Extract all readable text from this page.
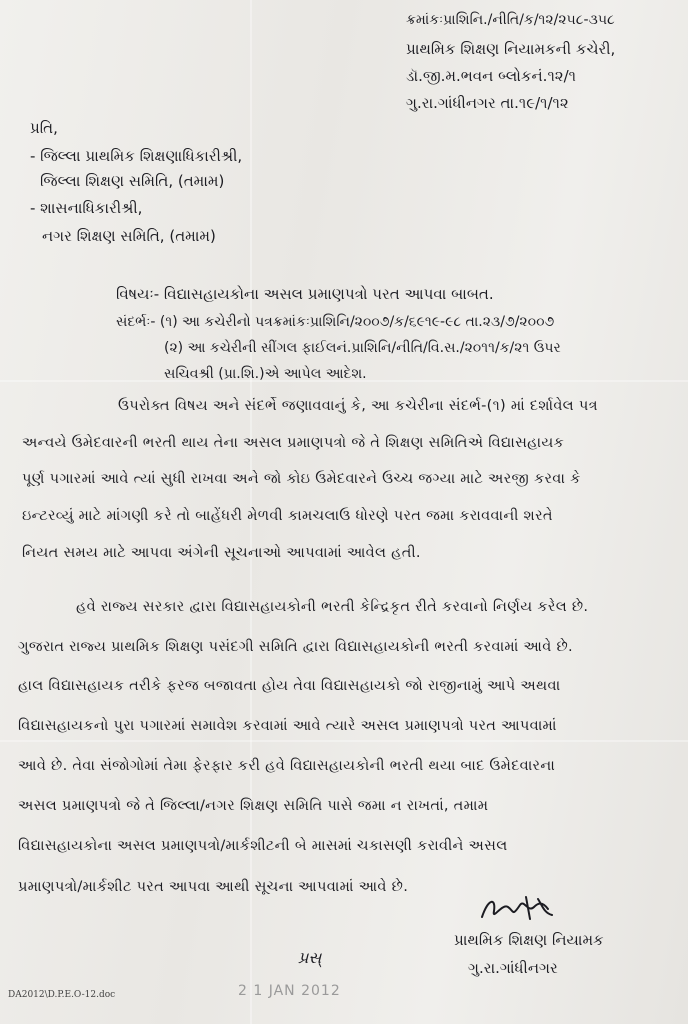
ક્રમાંકઃપ્રાશિનિ./નીતિ/ક/૧૨/૨૫૮-૩૫૮
પ્રાથમિક શિક્ષણ નિયામકની કચેરી,
ડૉ.જી.મ.ભવન બ્લોકનં.૧૨/૧
ગુ.રા.ગાંધીનગર તા.૧૯/૧/૧૨
પ્રતિ,
- જિલ્લા પ્રાથમિક શિક્ષણાધિકારીશ્રી,
જિલ્લા શિક્ષણ સમિતિ, (તમામ)
- શાસનાધિકારીશ્રી,
નગર શિક્ષણ સમિતિ, (તમામ)
વિષયઃ- વિદ્યાસહાયકોના અસલ પ્રમાણપત્રો પરત આપવા બાબત.
સંદર્ભઃ- (૧) આ કચેરીનો પત્રક્રમાંકઃપ્રાશિનિ/૨૦૦૭/ક/૬૯૧૯-૯૮ તા.૨૩/૭/૨૦૦૭
(૨) આ કચેરીની સીંગલ ફાઈલનં.પ્રાશિનિ/નીતિ/વિ.સ./૨૦૧૧/ક/૨૧ ઉપર
સચિવશ્રી (પ્રા.શિ.)એ આપેલ આદેશ.
ઉપરોક્ત વિષય અને સંદર્ભે જણાવવાનું કે, આ કચેરીના સંદર્ભ-(૧) માં દર્શાવેલ પત્ર
અન્વયે ઉમેદવારની ભરતી થાય તેના અસલ પ્રમાણપત્રો જે તે શિક્ષણ સમિતિએ વિદ્યાસહાયક
પૂર્ણ પગારમાં આવે ત્યાં સુધી રાખવા અને જો કોઇ ઉમેદવારને ઉચ્ચ જગ્યા માટે અરજી કરવા કે
ઇન્ટરવ્યું માટે માંગણી કરે તો બાહેંધરી મેળવી કામચલાઉ ધોરણે પરત જમા કરાવવાની શરતે
નિયત સમય માટે આપવા અંગેની સૂચનાઓ આપવામાં આવેલ હતી.
હવે રાજ્ય સરકાર દ્વારા વિદ્યાસહાયકોની ભરતી કેન્દ્રિકૃત રીતે કરવાનો નિર્ણય કરેલ છે.
ગુજરાત રાજ્ય પ્રાથમિક શિક્ષણ પસંદગી સમિતિ દ્વારા વિદ્યાસહાયકોની ભરતી કરવામાં આવે છે.
હાલ વિદ્યાસહાયક તરીકે ફરજ બજાવતા હોય તેવા વિદ્યાસહાયકો જો રાજીનામું આપે અથવા
વિદ્યાસહાયકનો પુરા પગારમાં સમાવેશ કરવામાં આવે ત્યારે અસલ પ્રમાણપત્રો પરત આપવામાં
આવે છે. તેવા સંજોગોમાં તેમા ફેરફાર કરી હવે વિદ્યાસહાયકોની ભરતી થયા બાદ ઉમેદવારના
અસલ પ્રમાણપત્રો જે તે જિલ્લા/નગર શિક્ષણ સમિતિ પાસે જમા ન રાખતાં, તમામ
વિદ્યાસહાયકોના અસલ પ્રમાણપત્રો/માર્કશીટની બે માસમાં ચકાસણી કરાવીને અસલ
પ્રમાણપત્રો/માર્કશીટ પરત આપવા આથી સૂચના આપવામાં આવે છે.
પ્રાથમિક શિક્ષણ નિયામક
ગુ.રા.ગાંધીનગર
પ્રસ્
2 1 JAN 2012
DA2012\D.P.E.O-12.doc
